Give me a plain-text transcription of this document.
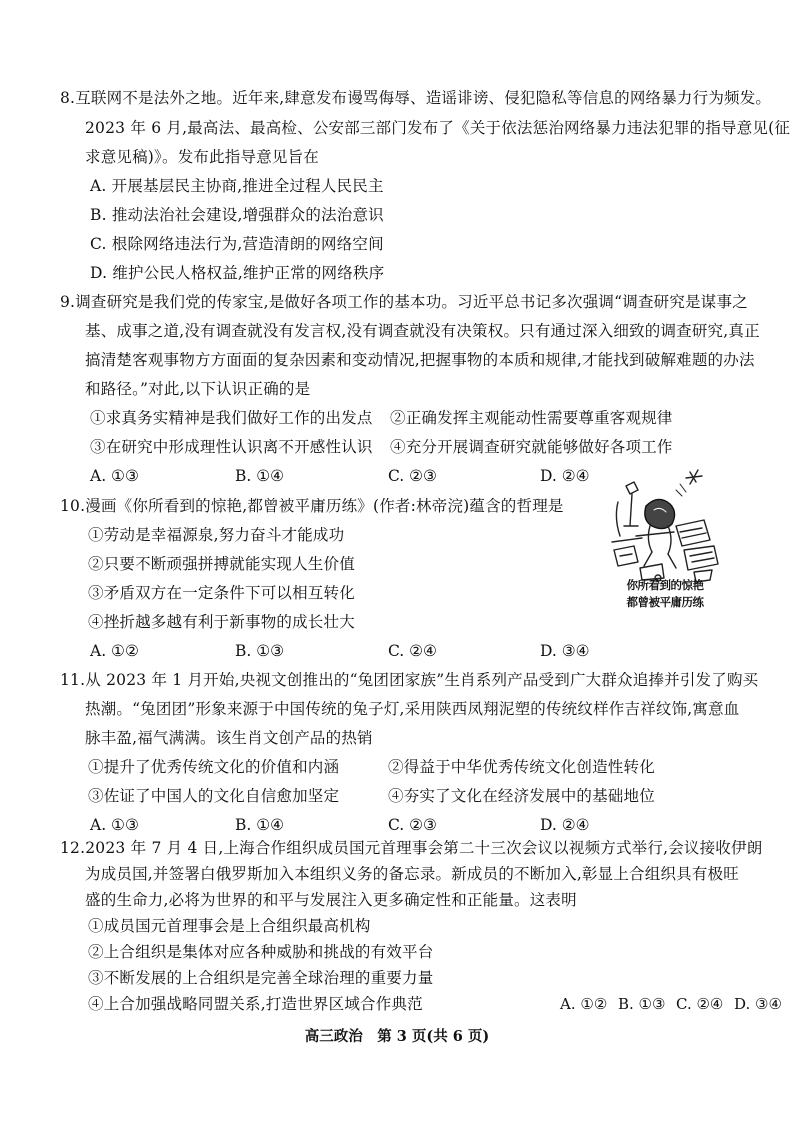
8.互联网不是法外之地。近年来,肆意发布谩骂侮辱、造谣诽谤、侵犯隐私等信息的网络暴力行为频发。
2023 年 6 月,最高法、最高检、公安部三部门发布了《关于依法惩治网络暴力违法犯罪的指导意见(征
求意见稿)》。发布此指导意见旨在
A. 开展基层民主协商,推进全过程人民民主
B. 推动法治社会建设,增强群众的法治意识
C. 根除网络违法行为,营造清朗的网络空间
D. 维护公民人格权益,维护正常的网络秩序
9.调查研究是我们党的传家宝,是做好各项工作的基本功。习近平总书记多次强调“调查研究是谋事之
基、成事之道,没有调查就没有发言权,没有调查就没有决策权。只有通过深入细致的调查研究,真正
搞清楚客观事物方方面面的复杂因素和变动情况,把握事物的本质和规律,才能找到破解难题的办法
和路径。”对此,以下认识正确的是
①求真务实精神是我们做好工作的出发点 ②正确发挥主观能动性需要尊重客观规律
③在研究中形成理性认识离不开感性认识 ④充分开展调查研究就能够做好各项工作
A. ①③	B. ①④	C. ②③	D. ②④
10.漫画《你所看到的惊艳,都曾被平庸历练》(作者:林帝浣)蕴含的哲理是
①劳动是幸福源泉,努力奋斗才能成功
②只要不断顽强拼搏就能实现人生价值
③矛盾双方在一定条件下可以相互转化
④挫折越多越有利于新事物的成长壮大
A. ①②	B. ①③	C. ②④	D. ③④
你所看到的惊艳
都曾被平庸历练
11.从 2023 年 1 月开始,央视文创推出的“兔团团家族”生肖系列产品受到广大群众追捧并引发了购买
热潮。“兔团团”形象来源于中国传统的兔子灯,采用陕西凤翔泥塑的传统纹样作吉祥纹饰,寓意血
脉丰盈,福气满满。该生肖文创产品的热销
①提升了优秀传统文化的价值和内涵	②得益于中华优秀传统文化创造性转化
③佐证了中国人的文化自信愈加坚定	④夯实了文化在经济发展中的基础地位
A. ①③	B. ①④	C. ②③	D. ②④
12.2023 年 7 月 4 日,上海合作组织成员国元首理事会第二十三次会议以视频方式举行,会议接收伊朗
为成员国,并签署白俄罗斯加入本组织义务的备忘录。新成员的不断加入,彰显上合组织具有极旺
盛的生命力,必将为世界的和平与发展注入更多确定性和正能量。这表明
①成员国元首理事会是上合组织最高机构
②上合组织是集体对应各种威胁和挑战的有效平台
③不断发展的上合组织是完善全球治理的重要力量
高三政治　第 3 页(共 6 页)
④上合加强战略同盟关系,打造世界区域合作典范	A. ①② B. ①③ C. ②④ D. ③④
